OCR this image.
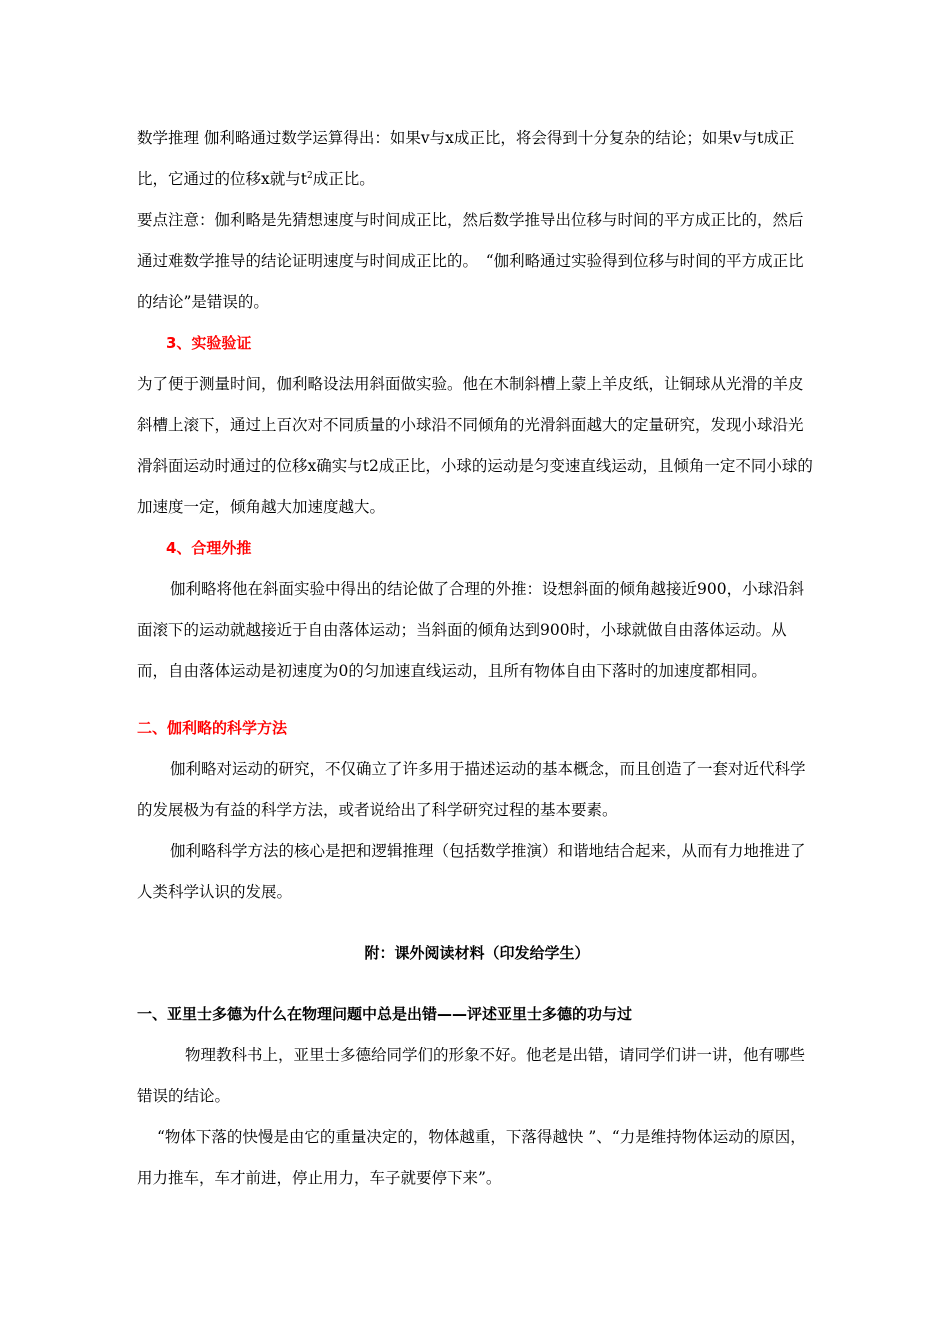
数学推理 伽利略通过数学运算得出：如果v与x成正比，将会得到十分复杂的结论；如果v与t成正比，它通过的位移x就与$t^2$成正比。

要点注意：伽利略是先猜想速度与时间成正比，然后数学推导出位移与时间的平方成正比的，然后通过难数学推导的结论证明速度与时间成正比的。　“伽利略通过实验得到位移与时间的平方成正比的结论”是错误的。

3、实验验证

为了便于测量时间，伽利略设法用斜面做实验。他在木制斜槽上蒙上羊皮纸，让铜球从光滑的羊皮斜槽上滚下，通过上百次对不同质量的小球沿不同倾角的光滑斜面越大的定量研究，发现小球沿光滑斜面运动时通过的位移x确实与t2成正比，小球的运动是匀变速直线运动，且倾角一定不同小球的加速度一定，倾角越大加速度越大。

4、合理外推

伽利略将他在斜面实验中得出的结论做了合理的外推：设想斜面的倾角越接近900，小球沿斜面滚下的运动就越接近于自由落体运动；当斜面的倾角达到900时，小球就做自由落体运动。从而，自由落体运动是初速度为0的匀加速直线运动，且所有物体自由下落时的加速度都相同。

二、伽利略的科学方法

伽利略对运动的研究，不仅确立了许多用于描述运动的基本概念，而且创造了一套对近代科学的发展极为有益的科学方法，或者说给出了科学研究过程的基本要素。

伽利略科学方法的核心是把和逻辑推理（包括数学推演）和谐地结合起来，从而有力地推进了人类科学认识的发展。

附：课外阅读材料（印发给学生）

一、亚里士多德为什么在物理问题中总是出错——评述亚里士多德的功与过

物理教科书上，亚里士多德给同学们的形象不好。他老是出错，请同学们讲一讲，他有哪些错误的结论。

“物体下落的快慢是由它的重量决定的，物体越重，下落得越快 ”、“力是维持物体运动的原因，用力推车，车才前进，停止用力，车子就要停下来”。
